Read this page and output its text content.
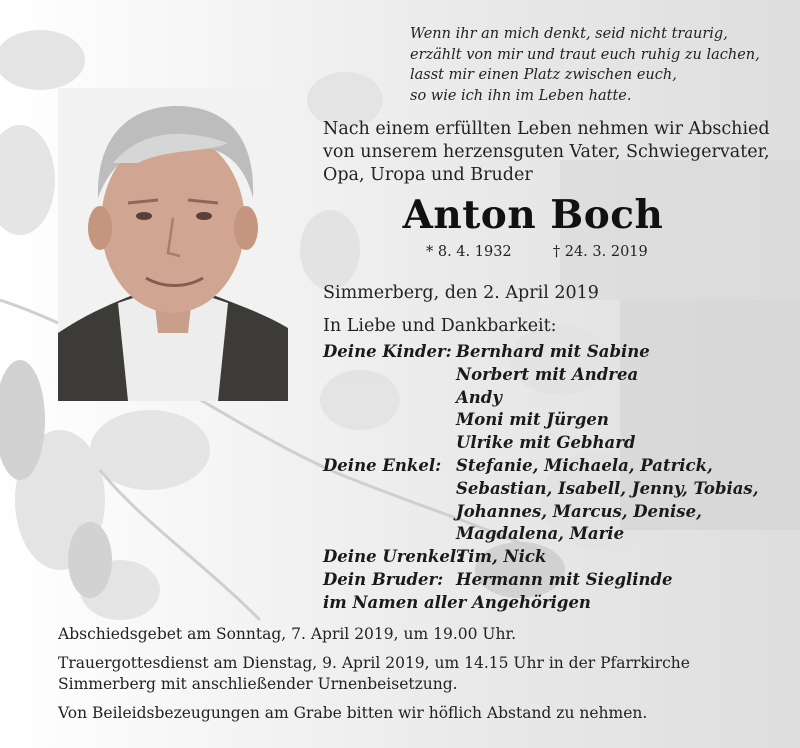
Wenn ihr an mich denkt, seid nicht traurig,
erzählt von mir und traut euch ruhig zu lachen,
lasst mir einen Platz zwischen euch,
so wie ich ihn im Leben hatte.
Nach einem erfüllten Leben nehmen wir Abschied
von unserem herzensguten Vater, Schwiegervater,
Opa, Uropa und Bruder
Anton Boch
* 8. 4. 1932	† 24. 3. 2019
Simmerberg, den 2. April 2019
In Liebe und Dankbarkeit:
Deine Kinder: Bernhard mit Sabine
Norbert mit Andrea
Andy
Moni mit Jürgen
Ulrike mit Gebhard
Deine Enkel: Stefanie, Michaela, Patrick,
Sebastian, Isabell, Jenny, Tobias,
Johannes, Marcus, Denise,
Magdalena, Marie
Deine Urenkel:
Tim, Nick
Dein Bruder: Hermann mit Sieglinde
im Namen aller Angehörigen

Abschiedsgebet am Sonntag, 7. April 2019, um 19.00 Uhr.

Trauergottesdienst am Dienstag, 9. April 2019, um 14.15 Uhr in der Pfarrkirche

Simmerberg mit anschließender Urnenbeisetzung.

Von Beileidsbezeugungen am Grabe bitten wir höflich Abstand zu nehmen.
